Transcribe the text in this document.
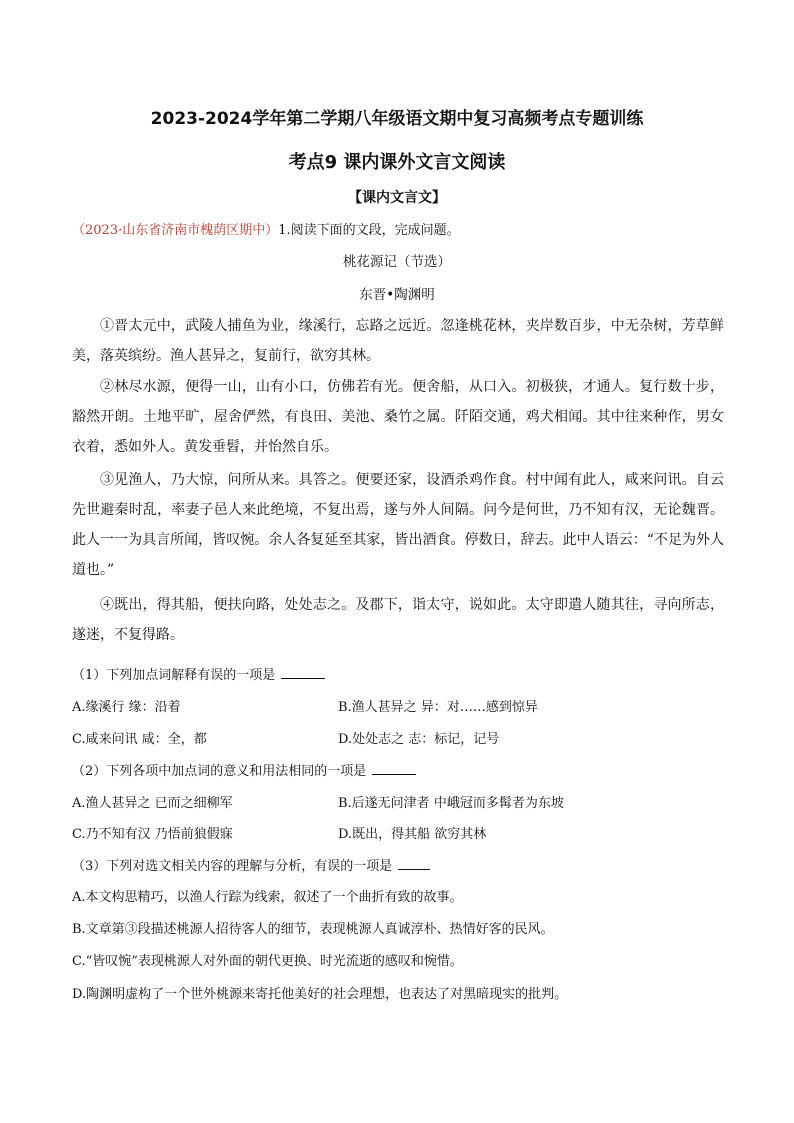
2023-2024学年第二学期八年级语文期中复习高频考点专题训练
考点9 课内课外文言文阅读
【课内文言文】
（2023·山东省济南市槐荫区期中）1.阅读下面的文段，完成问题。
桃花源记（节选）
东晋•陶渊明

①晋太元中，武陵人捕鱼为业，缘溪行，忘路之远近。忽逢桃花林，夹岸数百步，中无杂树，芳草鲜美，落英缤纷。渔人甚异之，复前行，欲穷其林。

②林尽水源，便得一山，山有小口，仿佛若有光。便舍船，从口入。初极狭，才通人。复行数十步，豁然开朗。土地平旷，屋舍俨然，有良田、美池、桑竹之属。阡陌交通，鸡犬相闻。其中往来种作，男女衣着，悉如外人。黄发垂髫，并怡然自乐。

③见渔人，乃大惊，问所从来。具答之。便要还家，设酒杀鸡作食。村中闻有此人，咸来问讯。自云先世避秦时乱，率妻子邑人来此绝境，不复出焉，遂与外人间隔。问今是何世，乃不知有汉，无论魏晋。此人一一为具言所闻，皆叹惋。余人各复延至其家，皆出酒食。停数日，辞去。此中人语云：“不足为外人道也。”

④既出，得其船，便扶向路，处处志之。及郡下，诣太守，说如此。太守即遣人随其往，寻向所志，遂迷，不复得路。

（1）下列加点词解释有误的一项是
A.缘溪行 缘：沿着	B.渔人甚异之 异：对……感到惊异
C.咸来问讯 咸：全，都	D.处处志之 志：标记，记号
（2）下列各项中加点词的意义和用法相同的一项是
A.渔人甚异之 已而之细柳军	B.后遂无问津者 中峨冠而多髯者为东坡
C.乃不知有汉 乃悟前狼假寐	D.既出，得其船 欲穷其林
（3）下列对选文相关内容的理解与分析，有误的一项是
A.本文构思精巧，以渔人行踪为线索，叙述了一个曲折有致的故事。
B.文章第③段描述桃源人招待客人的细节，表现桃源人真诚淳朴、热情好客的民风。
C.“皆叹惋”表现桃源人对外面的朝代更换、时光流逝的感叹和惋惜。
D.陶渊明虚构了一个世外桃源来寄托他美好的社会理想，也表达了对黑暗现实的批判。
